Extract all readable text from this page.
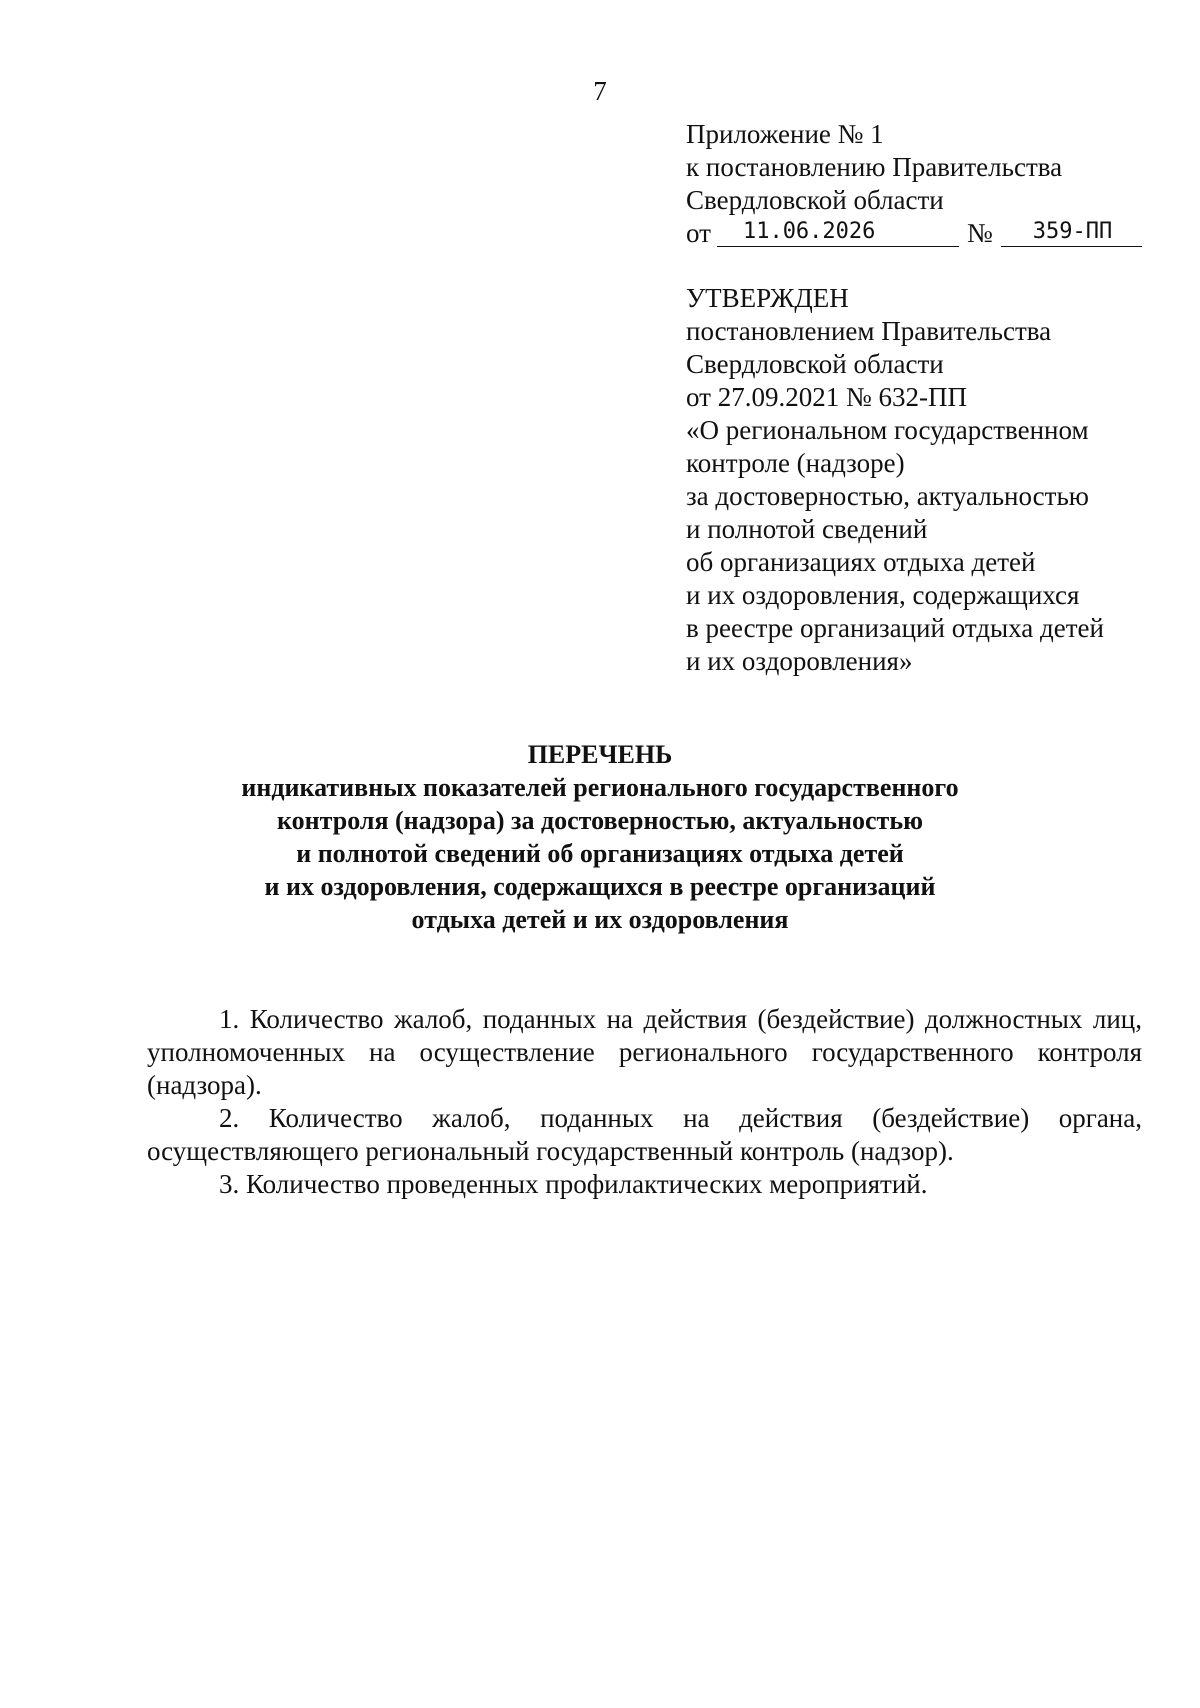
7
Приложение № 1
к постановлению Правительства
Свердловской области
от	11.06.2026	№	359-ПП
УТВЕРЖДЕН
постановлением Правительства
Свердловской области
от 27.09.2021 № 632-ПП
«О региональном государственном
контроле (надзоре)
за достоверностью, актуальностью
и полнотой сведений
об организациях отдыха детей
и их оздоровления, содержащихся
в реестре организаций отдыха детей
и их оздоровления»
ПЕРЕЧЕНЬ
индикативных показателей регионального государственного
контроля (надзора) за достоверностью, актуальностью
и полнотой сведений об организациях отдыха детей
и их оздоровления, содержащихся в реестре организаций
отдыха детей и их оздоровления

1. Количество жалоб, поданных на действия (бездействие) должностных лиц,
уполномоченных на осуществление регионального государственного контроля
(надзора).

2. Количество жалоб, поданных на действия (бездействие) органа,
осуществляющего региональный государственный контроль (надзор).

3. Количество проведенных профилактических мероприятий.
